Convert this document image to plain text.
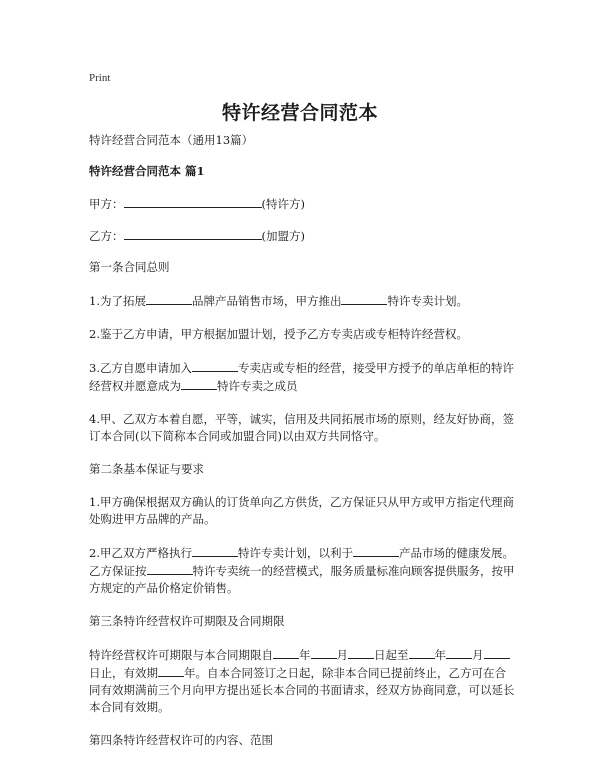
Print
特许经营合同范本

特许经营合同范本（通用13篇）

特许经营合同范本 篇1

甲方：	(特许方)

乙方：	(加盟方)

第一条合同总则

1.为了拓展	品牌产品销售市场，甲方推出	特许专卖计划。

2.鉴于乙方申请，甲方根据加盟计划，授予乙方专卖店或专柜特许经营权。

3.乙方自愿申请加入	专卖店或专柜的经营，接受甲方授予的单店单柜的特许经营权并愿意成为	特许专卖之成员

4.甲、乙双方本着自愿，平等，诚实，信用及共同拓展市场的原则，经友好协商，签订本合同(以下简称本合同或加盟合同)以由双方共同恪守。

第二条基本保证与要求

1.甲方确保根据双方确认的订货单向乙方供货，乙方保证只从甲方或甲方指定代理商处购进甲方品牌的产品。

2.甲乙双方严格执行	特许专卖计划，以利于	产品市场的健康发展。乙方保证按	特许专卖统一的经营模式，服务质量标准向顾客提供服务，按甲方规定的产品价格定价销售。

第三条特许经营权许可期限及合同期限

特许经营权许可期限与本合同期限自 年 月 日起至 年 月日止，有效期 年。自本合同签订之日起，除非本合同已提前终止，乙方可在合同有效期满前三个月向甲方提出延长本合同的书面请求，经双方协商同意，可以延长本合同有效期。

第四条特许经营权许可的内容、范围
